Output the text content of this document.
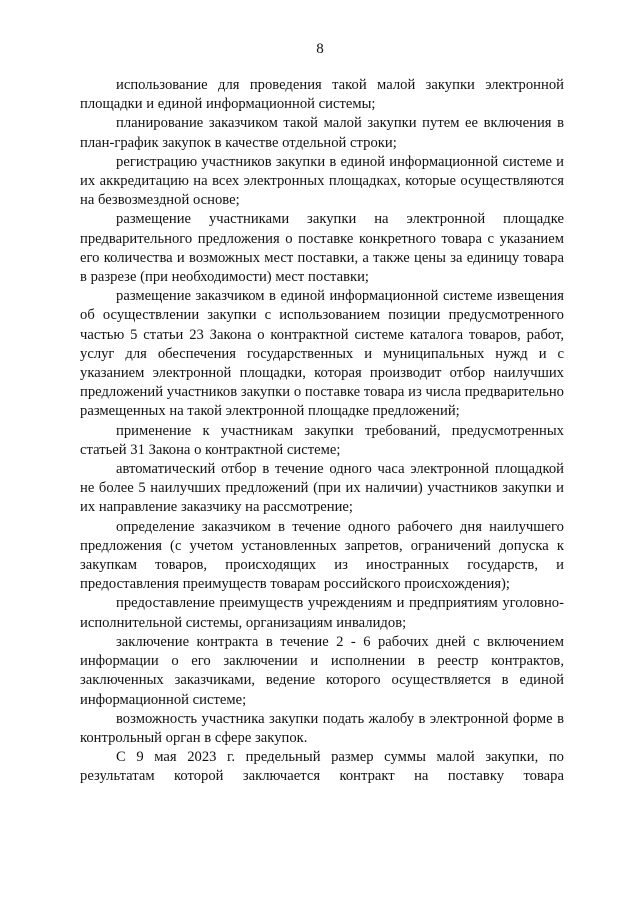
8

использование для проведения такой малой закупки электронной площадки и единой информационной системы;

планирование заказчиком такой малой закупки путем ее включения в план-график закупок в качестве отдельной строки;

регистрацию участников закупки в единой информационной системе и их аккредитацию на всех электронных площадках, которые осуществляются на безвозмездной основе;

размещение участниками закупки на электронной площадке предварительного предложения о поставке конкретного товара с указанием его количества и возможных мест поставки, а также цены за единицу товара в разрезе (при необходимости) мест поставки;

размещение заказчиком в единой информационной системе извещения об осуществлении закупки с использованием позиции предусмотренного частью 5 статьи 23 Закона о контрактной системе каталога товаров, работ, услуг для обеспечения государственных и муниципальных нужд и с указанием электронной площадки, которая производит отбор наилучших предложений участников закупки о поставке товара из числа предварительно размещенных на такой электронной площадке предложений;

применение к участникам закупки требований, предусмотренных статьей 31 Закона о контрактной системе;

автоматический отбор в течение одного часа электронной площадкой не более 5 наилучших предложений (при их наличии) участников закупки и их направление заказчику на рассмотрение;

определение заказчиком в течение одного рабочего дня наилучшего предложения (с учетом установленных запретов, ограничений допуска к закупкам товаров, происходящих из иностранных государств, и предоставления преимуществ товарам российского происхождения);

предоставление преимуществ учреждениям и предприятиям уголовно-исполнительной системы, организациям инвалидов;

заключение контракта в течение 2 - 6 рабочих дней с включением информации о его заключении и исполнении в реестр контрактов, заключенных заказчиками, ведение которого осуществляется в единой информационной системе;

возможность участника закупки подать жалобу в электронной форме в контрольный орган в сфере закупок.

С 9 мая 2023 г. предельный размер суммы малой закупки, по результатам которой заключается контракт на поставку товара
